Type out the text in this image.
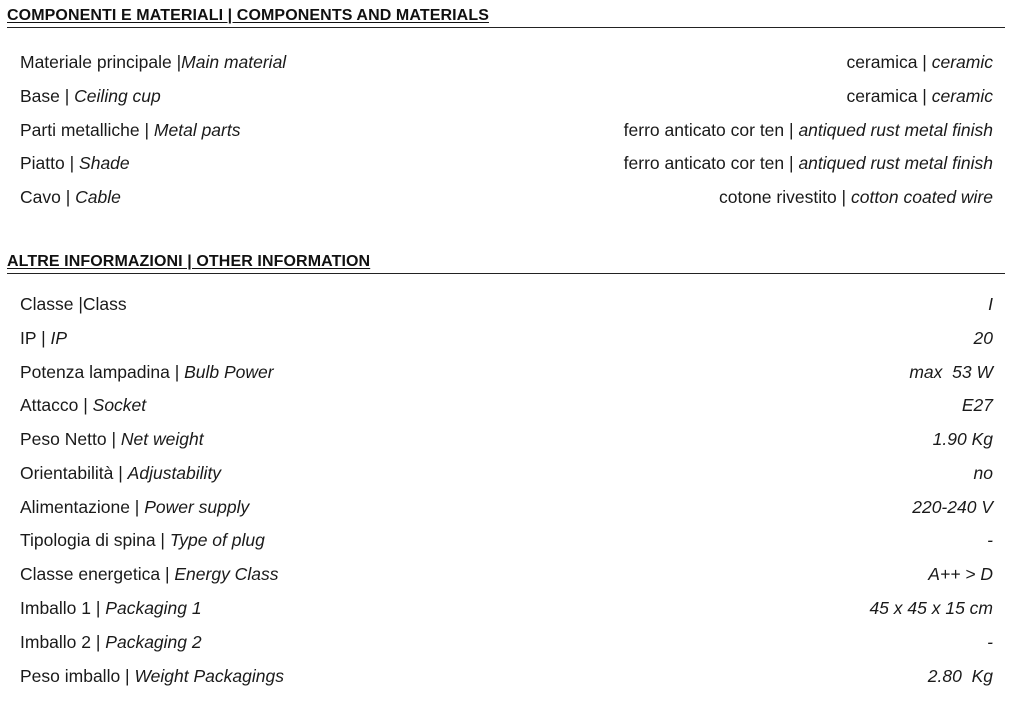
COMPONENTI E MATERIALI | COMPONENTS AND MATERIALS
Materiale principale |Main material	ceramica | ceramic
Base | Ceiling cup	ceramica | ceramic
Parti metalliche | Metal parts	ferro anticato cor ten | antiqued rust metal finish
Piatto | Shade	ferro anticato cor ten | antiqued rust metal finish
Cavo | Cable	cotone rivestito | cotton coated wire
ALTRE INFORMAZIONI | OTHER INFORMATION
Classe |Class	I
IP | IP	20
Potenza lampadina | Bulb Power	max  53 W
Attacco | Socket	E27
Peso Netto | Net weight	1.90 Kg
Orientabilità | Adjustability	no
Alimentazione | Power supply	220-240 V
Tipologia di spina | Type of plug	-
Classe energetica | Energy Class	A++ > D
Imballo 1 | Packaging 1	45 x 45 x 15 cm
Imballo 2 | Packaging 2	-
Peso imballo | Weight Packagings	2.80  Kg
